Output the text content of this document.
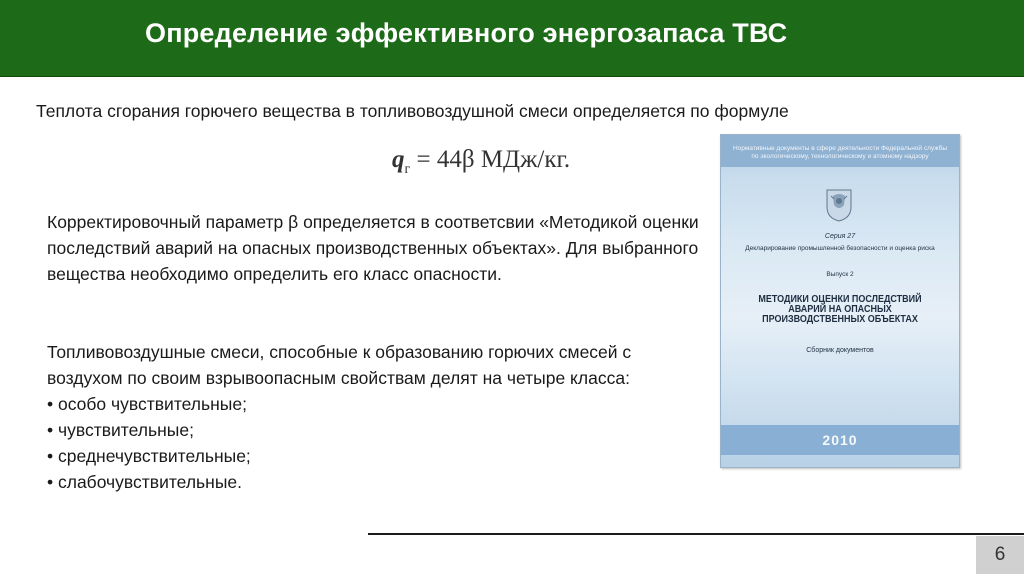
Определение эффективного энергозапаса ТВС
Теплота сгорания горючего вещества в топливовоздушной смеси определяется по формуле
$q_г = 44\beta$ МДж/кг.
Корректировочный параметр β определяется в соответсвии «Методикой оценки последствий аварий на опасных производственных объектах». Для выбранного вещества необходимо определить его класс опасности.
Топливовоздушные смеси, способные к образованию горючих смесей с воздухом по своим взрывоопасным свойствам делят на четыре класса:
• особо чувствительные;
• чувствительные;
• среднечувствительные;
• слабочувствительные.
Нормативные документы в сфере деятельности Федеральной службы по экологическому, технологическому и атомному надзору
Серия 27
Декларирование промышленной безопасности и оценка риска
Выпуск 2
МЕТОДИКИ ОЦЕНКИ ПОСЛЕДСТВИЙ АВАРИЙ НА ОПАСНЫХ ПРОИЗВОДСТВЕННЫХ ОБЪЕКТАХ
Сборник документов
2010
6
